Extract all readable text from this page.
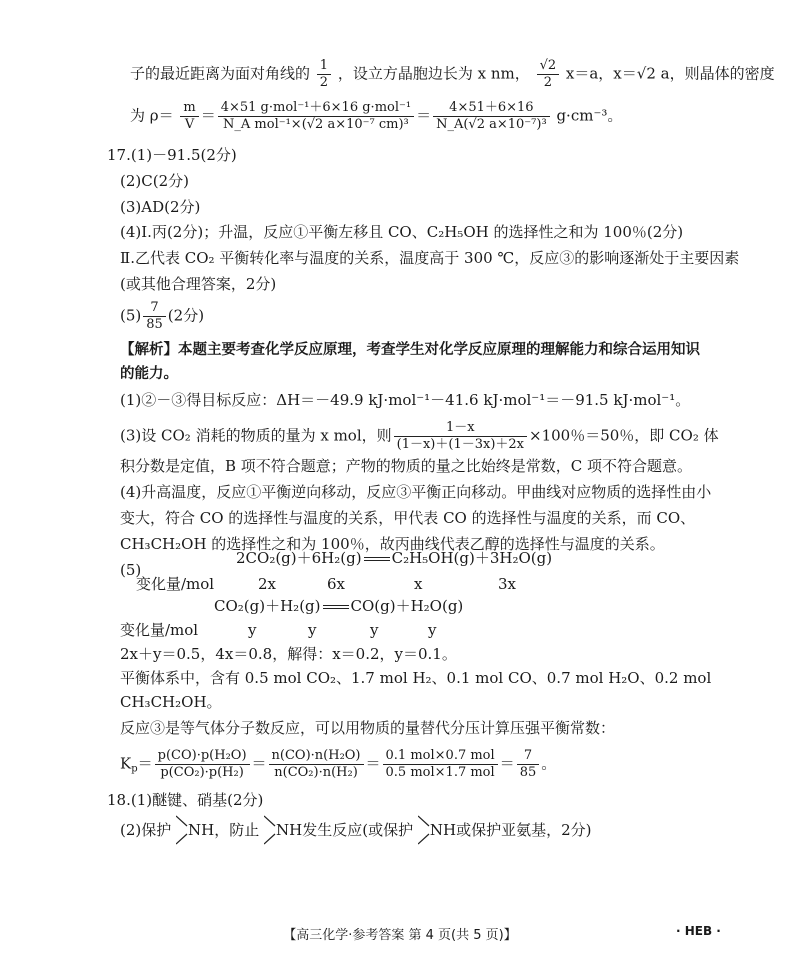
子的最近距离为面对角线的 $\frac{1}{2}$ ，设立方晶胞边长为 x nm， $\frac{√2}{2} x=a$，x＝√2 a，则晶体的密度
为 $\rho= \frac{m}{V} = \frac{\text{4×51 g·mol⁻¹＋6×16 g·mol⁻¹}}{\text{N\_A mol⁻¹×(√2 a×10⁻⁷ cm)³}} = \frac{4\times 51+6\times 16}{\text{N\_A(√2 a×10⁻⁷)³}} g\cdot cm^{-3}$。
17.(1)－91.5(2分)
(2)C(2分)
(3)AD(2分)
(4)Ⅰ.丙(2分)；升温，反应①平衡左移且 CO、C₂H₅OH 的选择性之和为 100％(2分)
Ⅱ.乙代表 CO₂ 平衡转化率与温度的关系，温度高于 300 ℃，反应③的影响逐渐处于主要因素
(或其他合理答案，2分)
$(5) \frac{7}{85} (2$分)
【解析】本题主要考查化学反应原理，考查学生对化学反应原理的理解能力和综合运用知识
的能力。
(1)②－③得目标反应：ΔH＝－49.9 kJ·mol⁻¹－41.6 kJ·mol⁻¹＝－91.5 kJ·mol⁻¹。
(3)设 CO₂ 消耗的物质的量为 x mol，则 $\frac{1-x}{(1-x)+(1-3x)+2x} \times 100$％＝50％，即 CO₂ 体
积分数是定值，B 项不符合题意；产物的物质的量之比始终是常数，C 项不符合题意。
(4)升高温度，反应①平衡逆向移动，反应③平衡正向移动。甲曲线对应物质的选择性由小
变大，符合 CO 的选择性与温度的关系，甲代表 CO 的选择性与温度的关系，而 CO、
CH₃CH₂OH 的选择性之和为 100％，故丙曲线代表乙醇的选择性与温度的关系。
2CO₂(g)＋6H₂(g) C₂H₅OH(g)＋3H₂O(g)
(5)
变化量/mol	2x	6x	x	3x
CO₂(g)＋H₂(g) CO(g)＋H₂O(g)
变化量/mol	y	y	y	y
2x＋y＝0.5，4x＝0.8，解得：x＝0.2，y＝0.1。
平衡体系中，含有 0.5 mol CO₂、1.7 mol H₂、0.1 mol CO、0.7 mol H₂O、0.2 mol
CH₃CH₂OH。
反应③是等气体分子数反应，可以用物质的量替代分压计算压强平衡常数：
$K_p= \frac{\text{p(CO)·p(H₂O)}}{\text{p(CO₂)·p(H₂)}} = \frac{\text{n(CO)·n(H₂O)}}{\text{n(CO₂)·n(H₂)}} = \frac{\text{0.1 mol×0.7 mol}}{\text{0.5 mol×1.7 mol}} = \frac{7}{85}$ 。
18.(1)醚键、硝基(2分)
(2)保护 NH，防止 NH发生反应(或保护 NH或保护亚氨基，2分)
【高三化学·参考答案 第 4 页(共 5 页)】	· HEB ·
